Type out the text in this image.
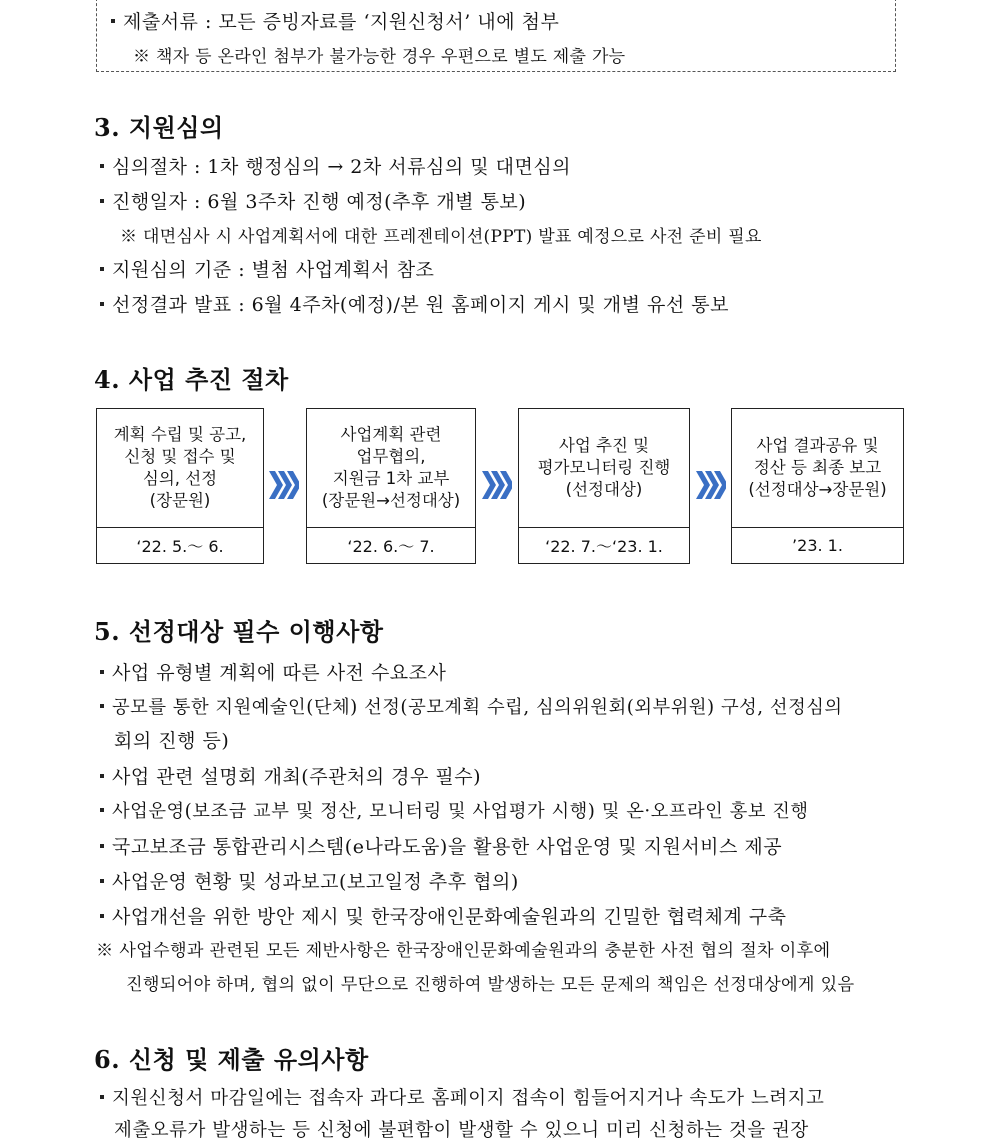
제출서류 : 모든 증빙자료를 ‘지원신청서’ 내에 첨부
※ 책자 등 온라인 첨부가 불가능한 경우 우편으로 별도 제출 가능
3. 지원심의
심의절차 : 1차 행정심의 → 2차 서류심의 및 대면심의
진행일자 : 6월 3주차 진행 예정(추후 개별 통보)
※ 대면심사 시 사업계획서에 대한 프레젠테이션(PPT) 발표 예정으로 사전 준비 필요
지원심의 기준 : 별첨 사업계획서 참조
선정결과 발표 : 6월 4주차(예정)/본 원 홈페이지 게시 및 개별 유선 통보
4. 사업 추진 절차
계획 수립 및 공고,
신청 및 접수 및
심의, 선정
(장문원)
‘22. 5.～ 6.
사업계획 관련
업무협의,
지원금 1차 교부
(장문원→선정대상)
‘22. 6.～ 7.
사업 추진 및
평가모니터링 진행
(선정대상)
‘22. 7.～‘23. 1.
사업 결과공유 및
정산 등 최종 보고
(선정대상→장문원)
’23. 1.
5. 선정대상 필수 이행사항
사업 유형별 계획에 따른 사전 수요조사
공모를 통한 지원예술인(단체) 선정(공모계획 수립, 심의위원회(외부위원) 구성, 선정심의
회의 진행 등)
사업 관련 설명회 개최(주관처의 경우 필수)
사업운영(보조금 교부 및 정산, 모니터링 및 사업평가 시행) 및 온·오프라인 홍보 진행
국고보조금 통합관리시스템(e나라도움)을 활용한 사업운영 및 지원서비스 제공
사업운영 현황 및 성과보고(보고일정 추후 협의)
사업개선을 위한 방안 제시 및 한국장애인문화예술원과의 긴밀한 협력체계 구축
※ 사업수행과 관련된 모든 제반사항은 한국장애인문화예술원과의 충분한 사전 협의 절차 이후에
진행되어야 하며, 협의 없이 무단으로 진행하여 발생하는 모든 문제의 책임은 선정대상에게 있음
6. 신청 및 제출 유의사항
지원신청서 마감일에는 접속자 과다로 홈페이지 접속이 힘들어지거나 속도가 느려지고
제출오류가 발생하는 등 신청에 불편함이 발생할 수 있으니 미리 신청하는 것을 권장
